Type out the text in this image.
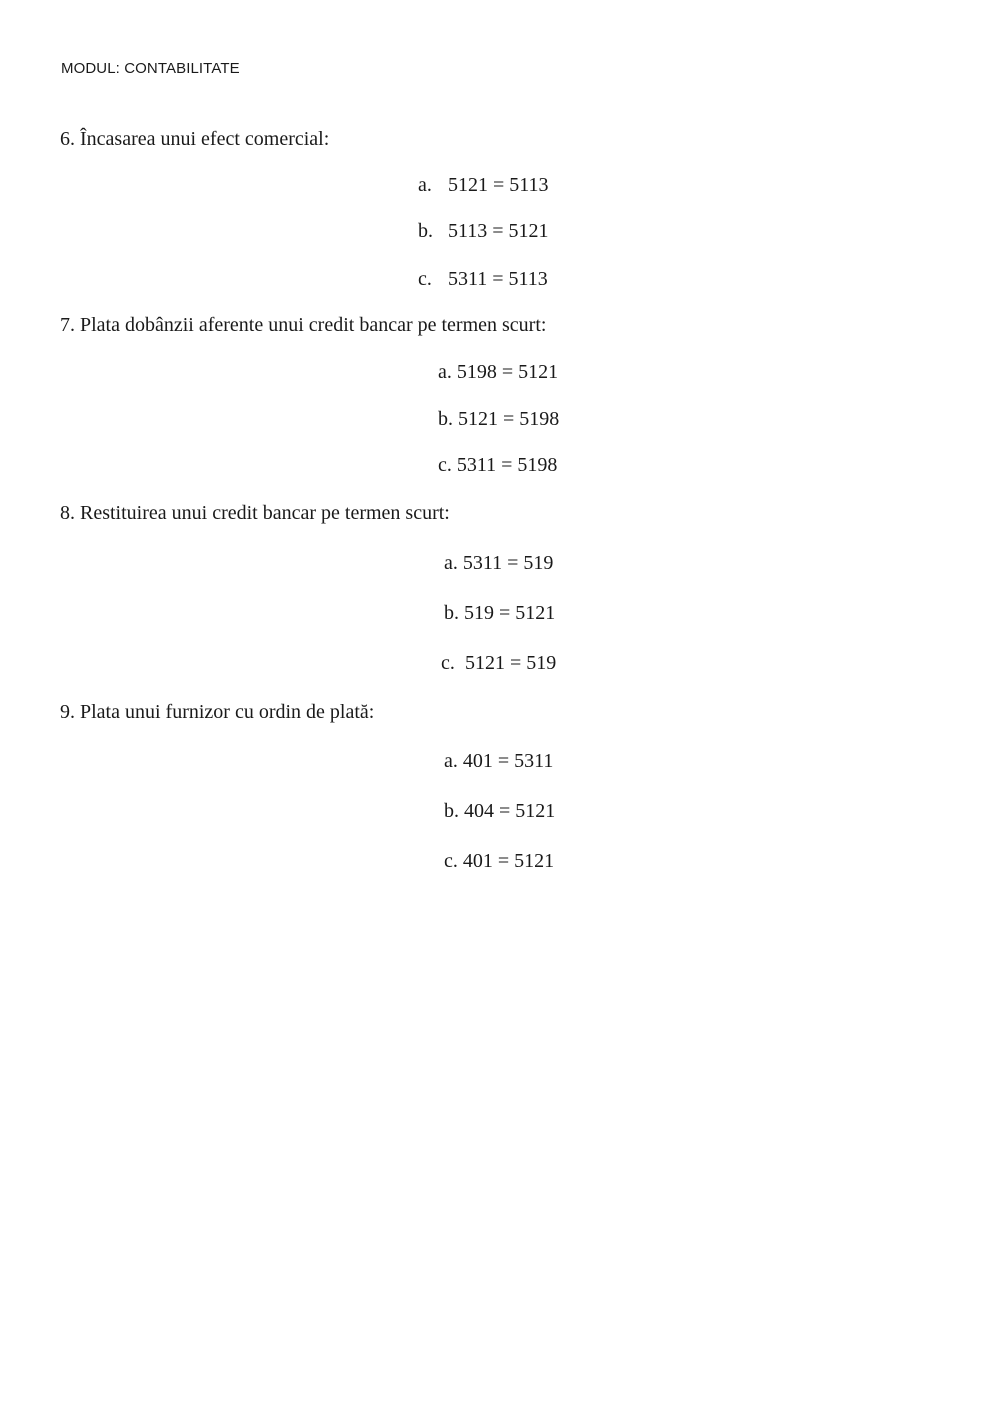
MODUL: CONTABILITATE
6. Încasarea unui efect comercial:
a. 5121 = 5113
b. 5113 = 5121
c. 5311 = 5113
7. Plata dobânzii aferente unui credit bancar pe termen scurt:
a. 5198 = 5121
b. 5121 = 5198
c. 5311 = 5198
8. Restituirea unui credit bancar pe termen scurt:
a. 5311 = 519
b. 519 = 5121
c. 5121 = 519
9. Plata unui furnizor cu ordin de plată:
a. 401 = 5311
b. 404 = 5121
c. 401 = 5121
